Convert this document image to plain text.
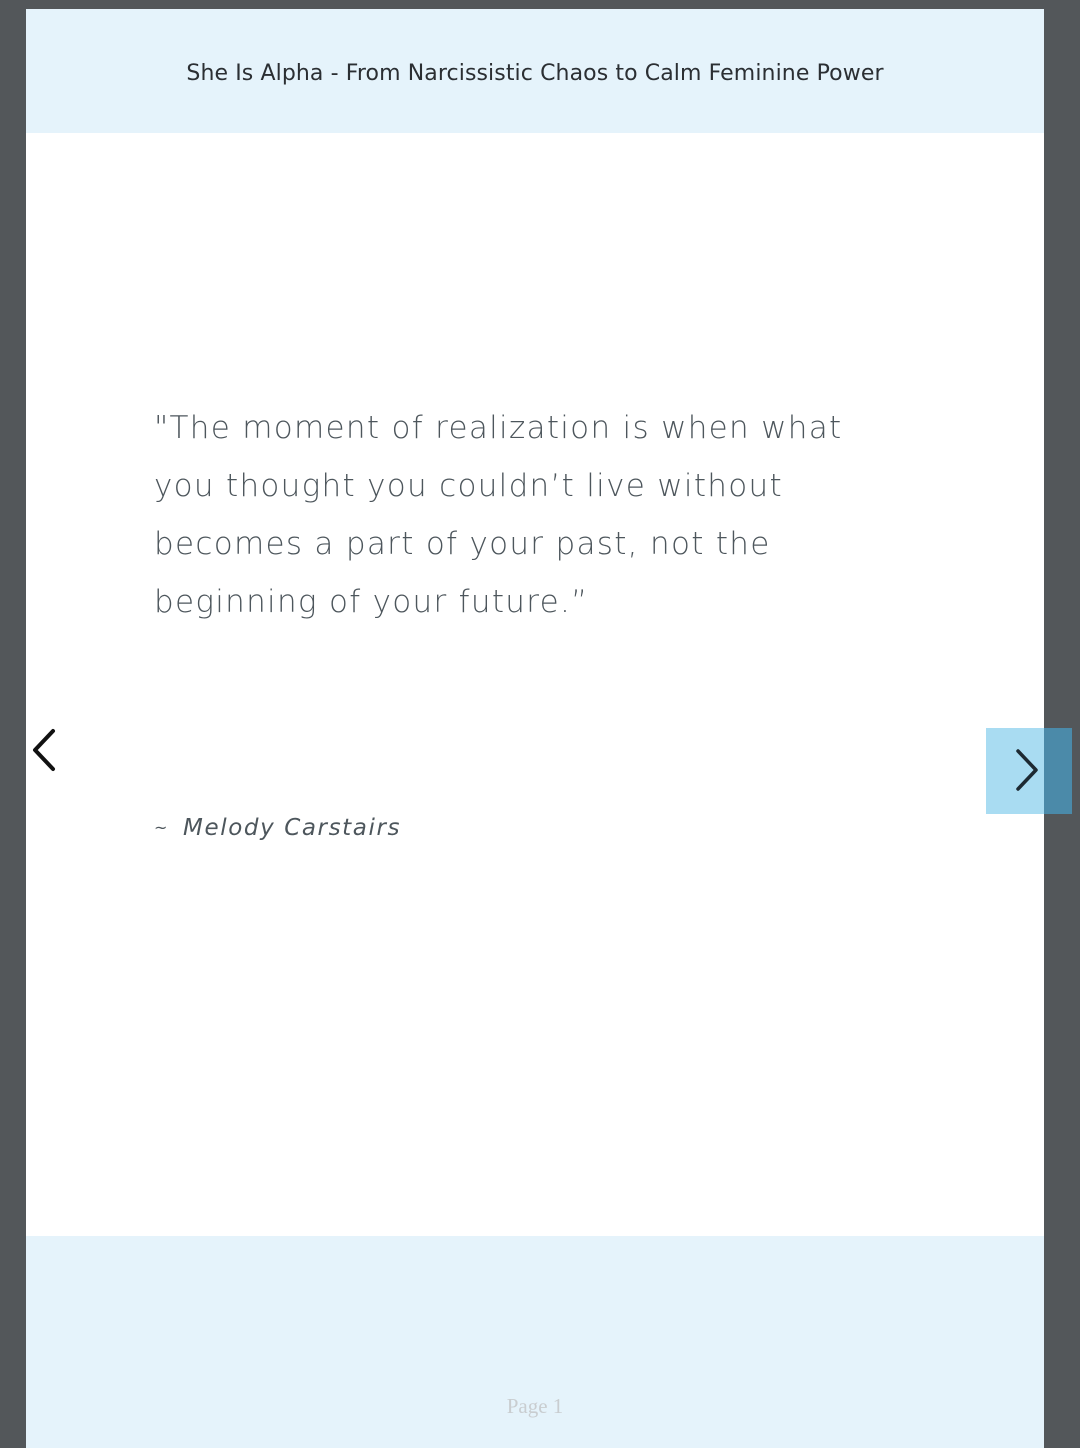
She Is Alpha - From Narcissistic Chaos to Calm Feminine Power
"The moment of realization is when what
you thought you couldn’t live without
becomes a part of your past, not the
beginning of your future.”
~ Melody Carstairs
Page 1
